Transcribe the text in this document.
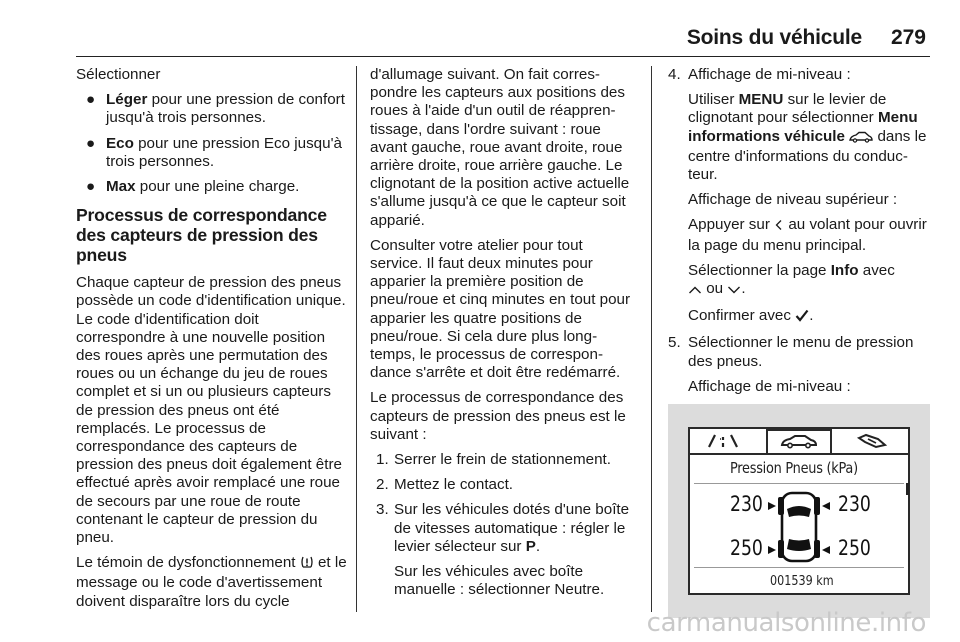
Soins du véhicule 279

Sélectionner

● Léger pour une pression de confort jusqu'à trois personnes.
● Eco pour une pression Eco jusqu'à trois personnes.
● Max pour une pleine charge.
Processus de correspondance des capteurs de pression des pneus

Chaque capteur de pression des pneus possède un code d'identification unique. Le code d'identification doit correspondre à une nouvelle position des roues après une permutation des roues ou un échange du jeu de roues complet et si un ou plusieurs capteurs de pression des pneus ont été remplacés. Le processus de correspondance des capteurs de pression des pneus doit également être effectué après avoir remplacé une roue de secours par une roue de route contenant le capteur de pression du pneu.

Le témoin de dysfonctionnement  et le message ou le code d'avertissement doivent disparaître lors du cycle

d'allumage suivant. On fait correspondre les capteurs aux positions des roues à l'aide d'un outil de réapprentissage, dans l'ordre suivant : roue avant gauche, roue avant droite, roue arrière droite, roue arrière gauche. Le clignotant de la position active actuelle s'allume jusqu'à ce que le capteur soit apparié.

Consulter votre atelier pour tout service. Il faut deux minutes pour apparier la première position de pneu/roue et cinq minutes en tout pour apparier les quatre positions de pneu/roue. Si cela dure plus longtemps, le processus de correspondance s'arrête et doit être redémarré.

Le processus de correspondance des capteurs de pression des pneus est le suivant :

1. Serrer le frein de stationnement.
2. Mettez le contact.
3. Sur les véhicules dotés d'une boîte de vitesses automatique : régler le levier sélecteur sur P.
Sur les véhicules avec boîte manuelle : sélectionner Neutre.
4. Affichage de mi-niveau :
Utiliser MENU sur le levier de clignotant pour sélectionner Menu informations véhicule  dans le centre d'informations du conducteur.
Affichage de niveau supérieur :
Appuyer sur  au volant pour ouvrir la page du menu principal.
Sélectionner la page Info avec
ou .
Confirmer avec .
5. Sélectionner le menu de pression des pneus.
Affichage de mi-niveau :
Pression Pneus (kPa)
230	230
250	250
001539 km
carmanualsonline.info
